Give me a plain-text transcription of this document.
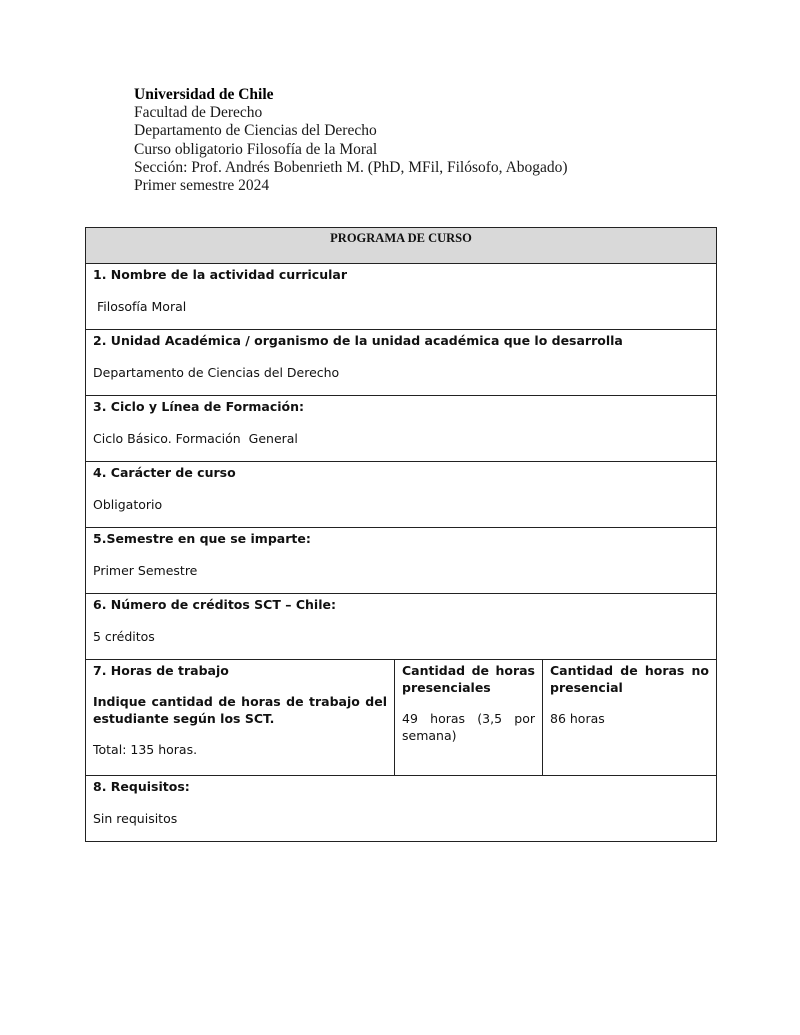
Universidad de Chile
Facultad de Derecho
Departamento de Ciencias del Derecho
Curso obligatorio Filosofía de la Moral
Sección: Prof. Andrés Bobenrieth M. (PhD, MFil, Filósofo, Abogado)
Primer semestre 2024
PROGRAMA DE CURSO

1. Nombre de la actividad curricular
Filosofía Moral

2. Unidad Académica / organismo de la unidad académica que lo desarrolla
Departamento de Ciencias del Derecho

3. Ciclo y Línea de Formación:
Ciclo Básico. Formación  General

4. Carácter de curso
Obligatorio

5.Semestre en que se imparte:
Primer Semestre

6. Número de créditos SCT – Chile:
5 créditos

7. Horas de trabajo
Indique cantidad de horas de trabajo del estudiante según los SCT.
Total: 135 horas.

Cantidad de horas presenciales
49 horas (3,5 por semana)

Cantidad de horas no presencial
86 horas

8. Requisitos:
Sin requisitos
